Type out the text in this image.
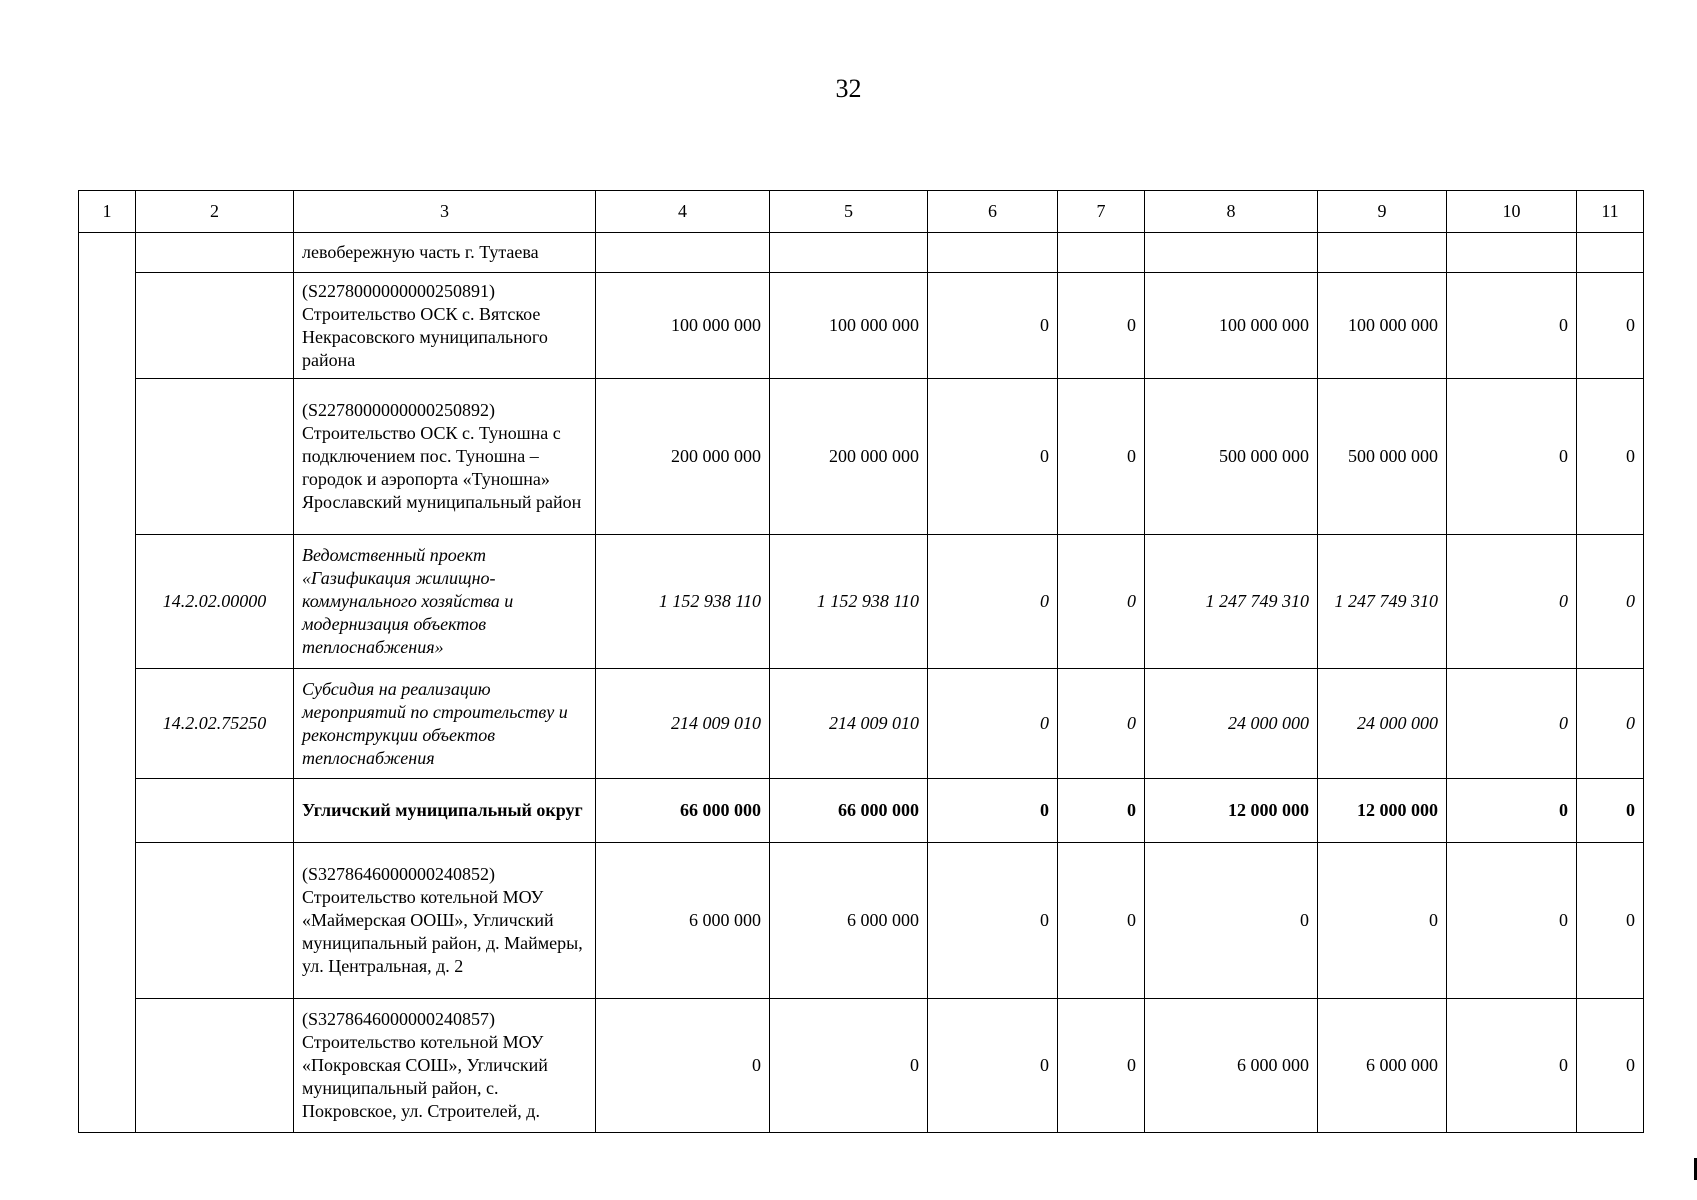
32
1	2	3	4	5	6	7	8	9	10	11
		левобережную часть г. Тутаева								
		(S2278000000000250891) Строительство ОСК с. Вятское Некрасовского муниципального района	100 000 000	100 000 000	0	0	100 000 000	100 000 000	0	0
		(S2278000000000250892) Строительство ОСК с. Туношна с подключением пос. Туношна – городок и аэропорта «Туношна» Ярославский муниципальный район	200 000 000	200 000 000	0	0	500 000 000	500 000 000	0	0
	14.2.02.00000	Ведомственный проект «Газификация жилищно-коммунального хозяйства и модернизация объектов теплоснабжения»	1 152 938 110	1 152 938 110	0	0	1 247 749 310	1 247 749 310	0	0
	14.2.02.75250	Субсидия на реализацию мероприятий по строительству и реконструкции объектов теплоснабжения	214 009 010	214 009 010	0	0	24 000 000	24 000 000	0	0
		Угличский муниципальный округ	66 000 000	66 000 000	0	0	12 000 000	12 000 000	0	0
		(S3278646000000240852) Строительство котельной МОУ «Маймерская ООШ», Угличский муниципальный район, д. Маймеры, ул. Центральная, д. 2	6 000 000	6 000 000	0	0	0	0	0	0
		(S3278646000000240857) Строительство котельной МОУ «Покровская СОШ», Угличский муниципальный район, с. Покровское, ул. Строителей, д.	0	0	0	0	6 000 000	6 000 000	0	0
